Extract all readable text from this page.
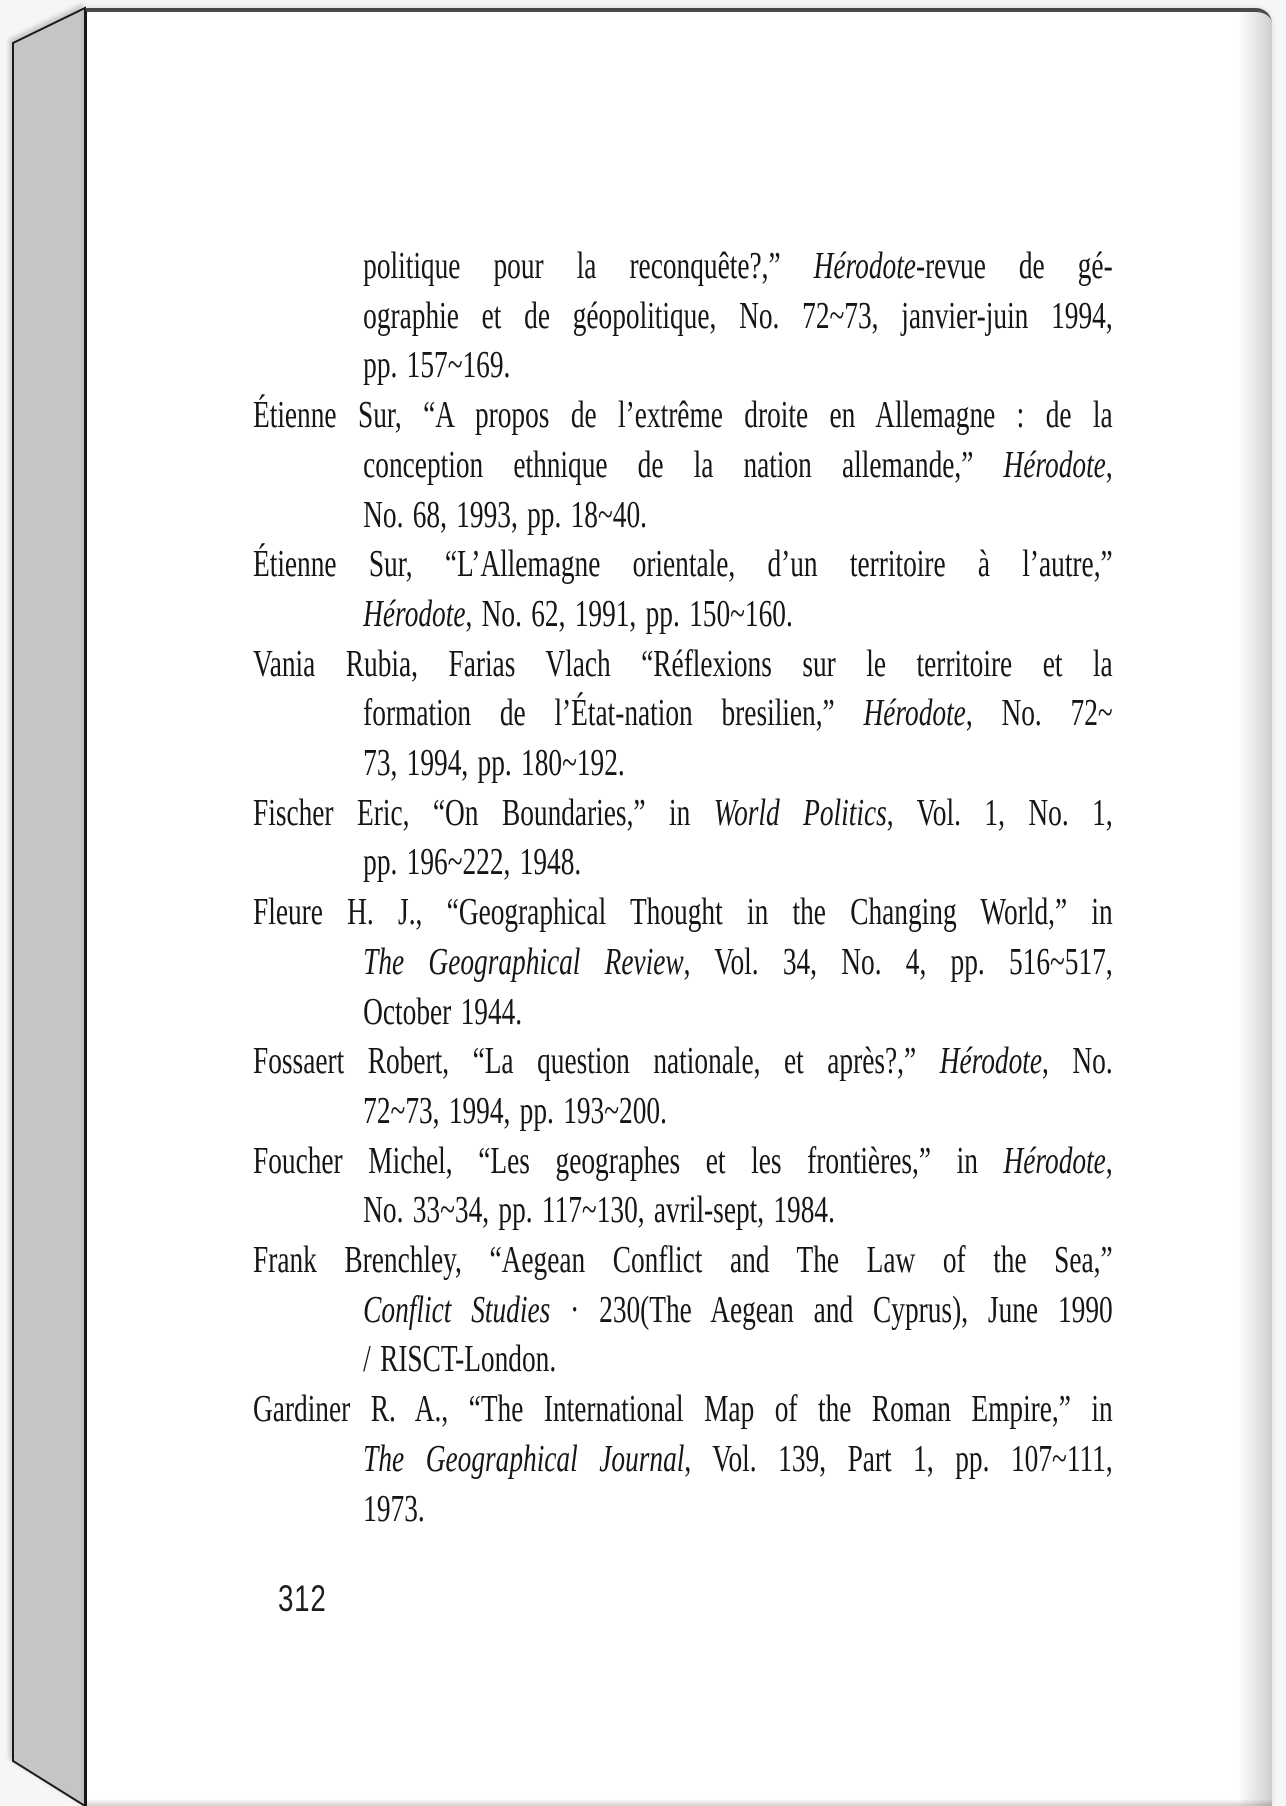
politique pour la reconquête?,” Hérodote-revue de gé-
ographie et de géopolitique, No. 72~73, janvier-juin 1994,
pp. 157~169.
Étienne Sur, “A propos de l’extrême droite en Allemagne : de la
conception ethnique de la nation allemande,” Hérodote,
No. 68, 1993, pp. 18~40.
Étienne Sur, “L’Allemagne orientale, d’un territoire à l’autre,”
Hérodote, No. 62, 1991, pp. 150~160.
Vania Rubia, Farias Vlach “Réflexions sur le territoire et la
formation de l’État-nation bresilien,” Hérodote, No. 72~
73, 1994, pp. 180~192.
Fischer Eric, “On Boundaries,” in World Politics, Vol. 1, No. 1,
pp. 196~222, 1948.
Fleure H. J., “Geographical Thought in the Changing World,” in
The Geographical Review, Vol. 34, No. 4, pp. 516~517,
October 1944.
Fossaert Robert, “La question nationale, et après?,” Hérodote, No.
72~73, 1994, pp. 193~200.
Foucher Michel, “Les geographes et les frontières,” in Hérodote,
No. 33~34, pp. 117~130, avril-sept, 1984.
Frank Brenchley, “Aegean Conflict and The Law of the Sea,”
Conflict Studies · 230(The Aegean and Cyprus), June 1990
/ RISCT-London.
Gardiner R. A., “The International Map of the Roman Empire,” in
The Geographical Journal, Vol. 139, Part 1, pp. 107~111,
1973.
312
